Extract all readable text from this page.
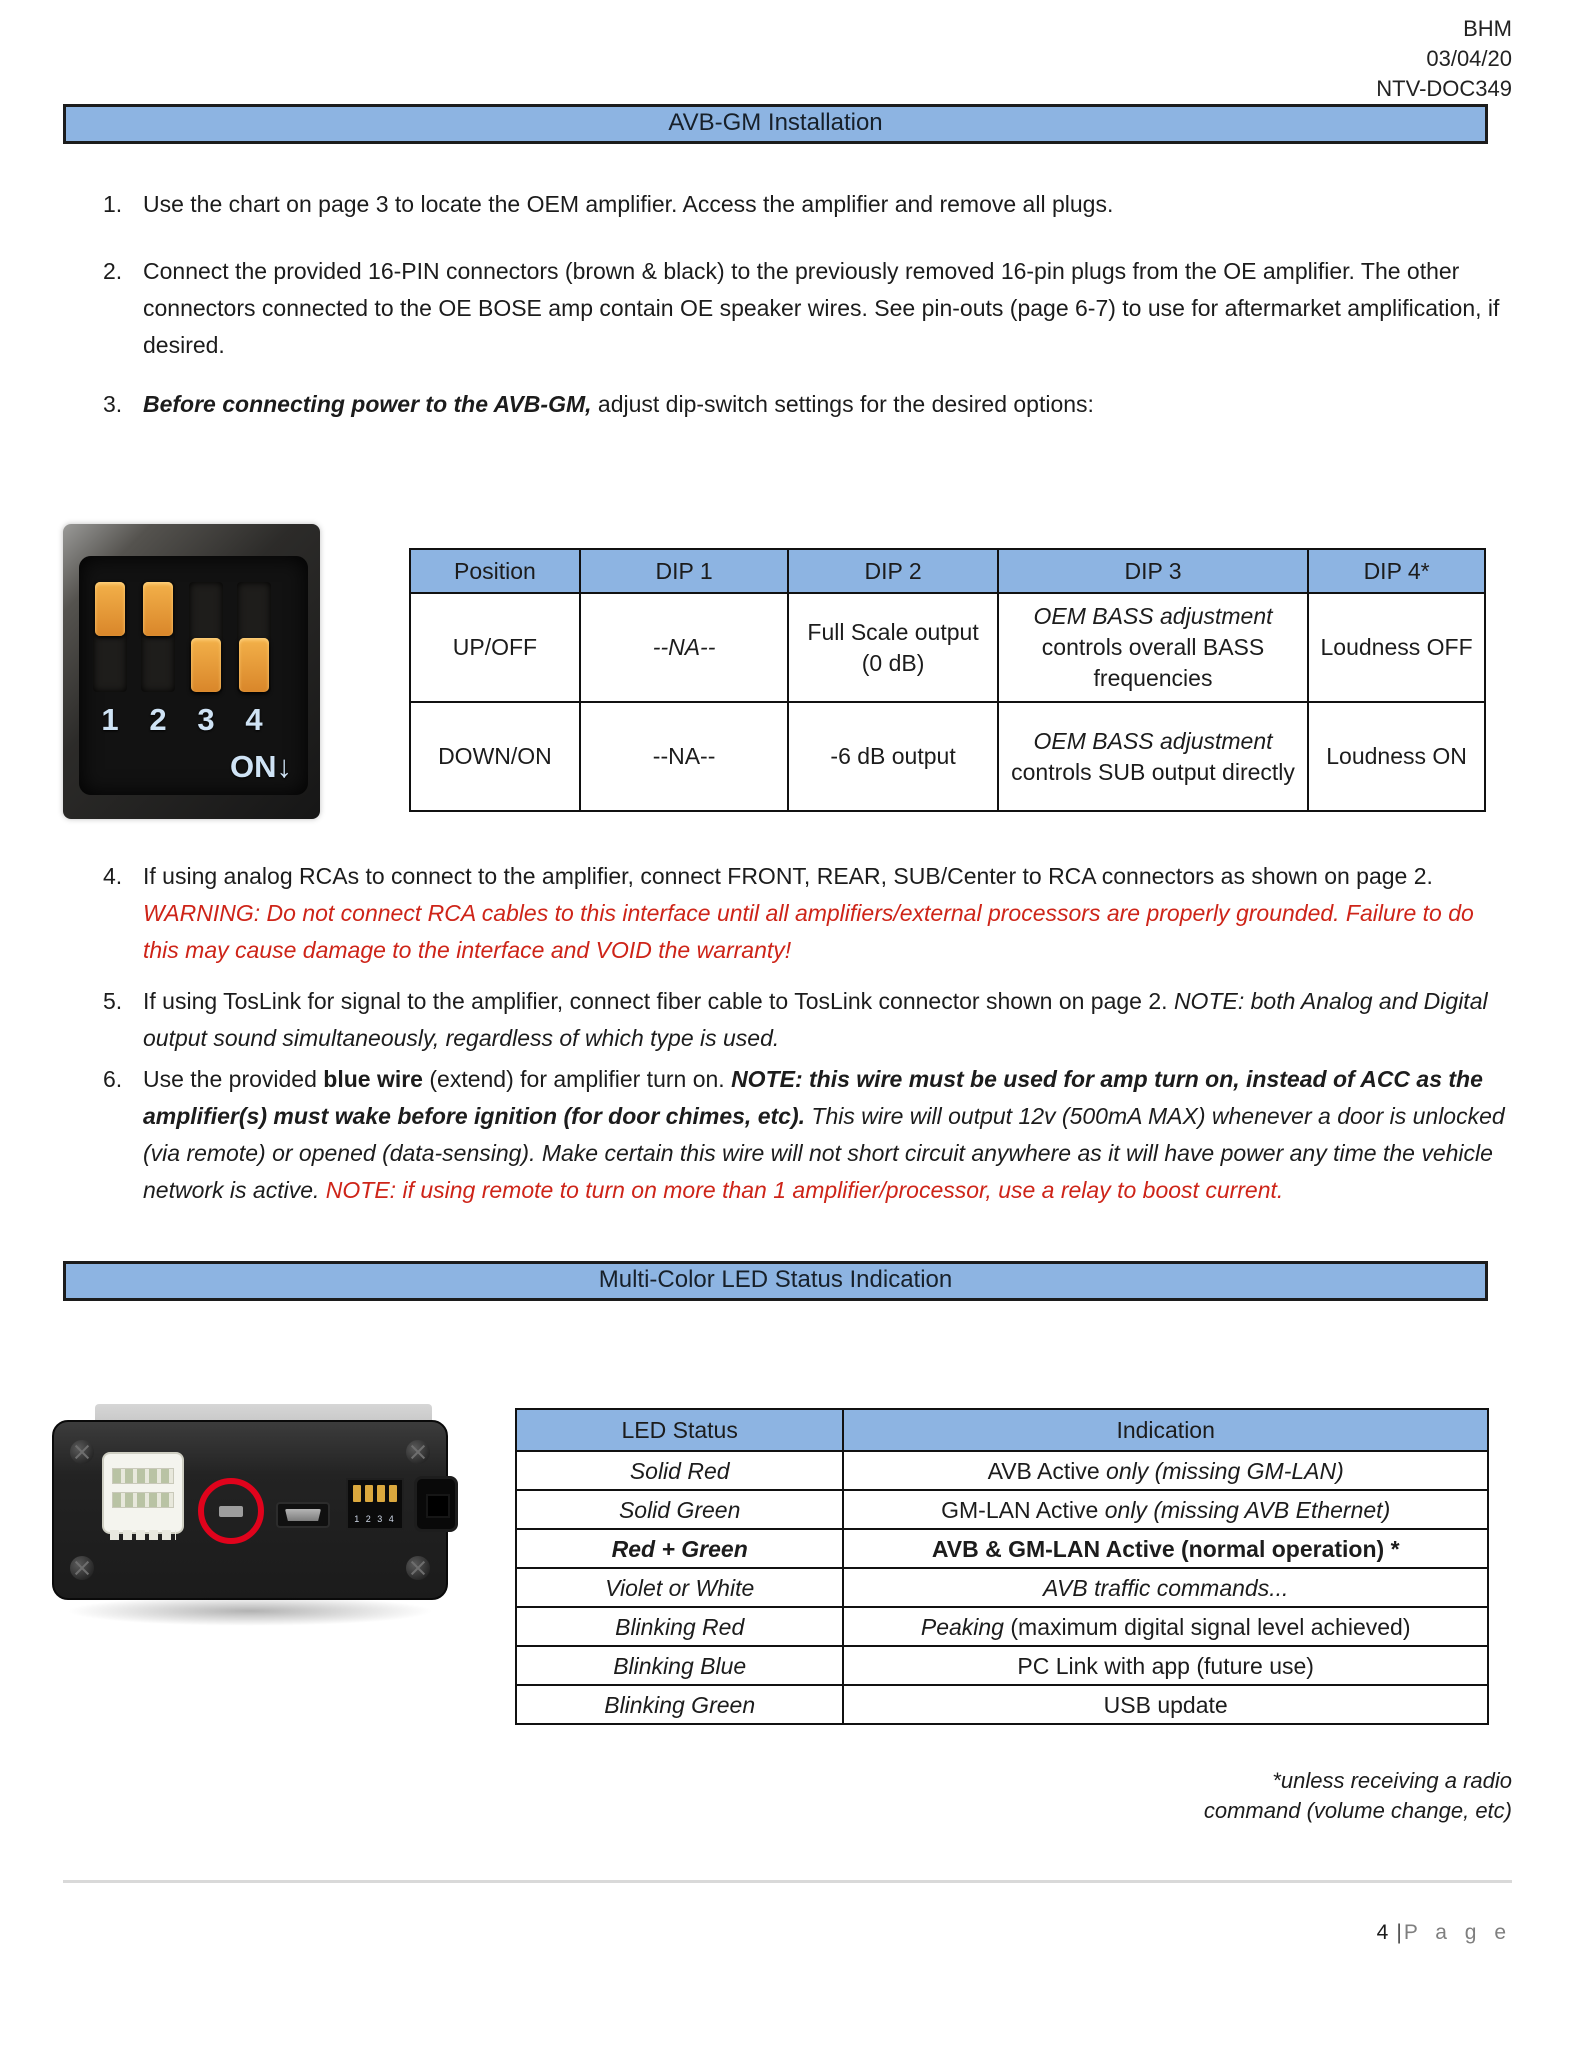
BHM
03/04/20
NTV-DOC349
AVB-GM Installation
1. Use the chart on page 3 to locate the OEM amplifier. Access the amplifier and remove all plugs.
2. Connect the provided 16-PIN connectors (brown & black) to the previously removed 16-pin plugs from the OE amplifier. The other connectors connected to the OE BOSE amp contain OE speaker wires. See pin-outs (page 6-7) to use for aftermarket amplification, if desired.
3. Before connecting power to the AVB-GM, adjust dip-switch settings for the desired options:
1 2 3 4
ON↓
Position	DIP 1	DIP 2	DIP 3	DIP 4*
UP/OFF	--NA--	Full Scale output (0 dB)	OEM BASS adjustment controls overall BASS frequencies	Loudness OFF
DOWN/ON	--NA--	-6 dB output	OEM BASS adjustment controls SUB output directly	Loudness ON
4. If using analog RCAs to connect to the amplifier, connect FRONT, REAR, SUB/Center to RCA connectors as shown on page 2. WARNING: Do not connect RCA cables to this interface until all amplifiers/external processors are properly grounded. Failure to do this may cause damage to the interface and VOID the warranty!
5. If using TosLink for signal to the amplifier, connect fiber cable to TosLink connector shown on page 2. NOTE: both Analog and Digital output sound simultaneously, regardless of which type is used.
6. Use the provided blue wire (extend) for amplifier turn on. NOTE: this wire must be used for amp turn on, instead of ACC as the amplifier(s) must wake before ignition (for door chimes, etc). This wire will output 12v (500mA MAX) whenever a door is unlocked (via remote) or opened (data-sensing). Make certain this wire will not short circuit anywhere as it will have power any time the vehicle network is active. NOTE: if using remote to turn on more than 1 amplifier/processor, use a relay to boost current.
Multi-Color LED Status Indication
1 2 3 4
LED Status	Indication
Solid Red	AVB Active only (missing GM-LAN)
Solid Green	GM-LAN Active only (missing AVB Ethernet)
Red + Green	AVB & GM-LAN Active (normal operation) *
Violet or White	AVB traffic commands...
Blinking Red	Peaking (maximum digital signal level achieved)
Blinking Blue	PC Link with app (future use)
Blinking Green	USB update
*unless receiving a radio
command (volume change, etc)
4 |P a g e
